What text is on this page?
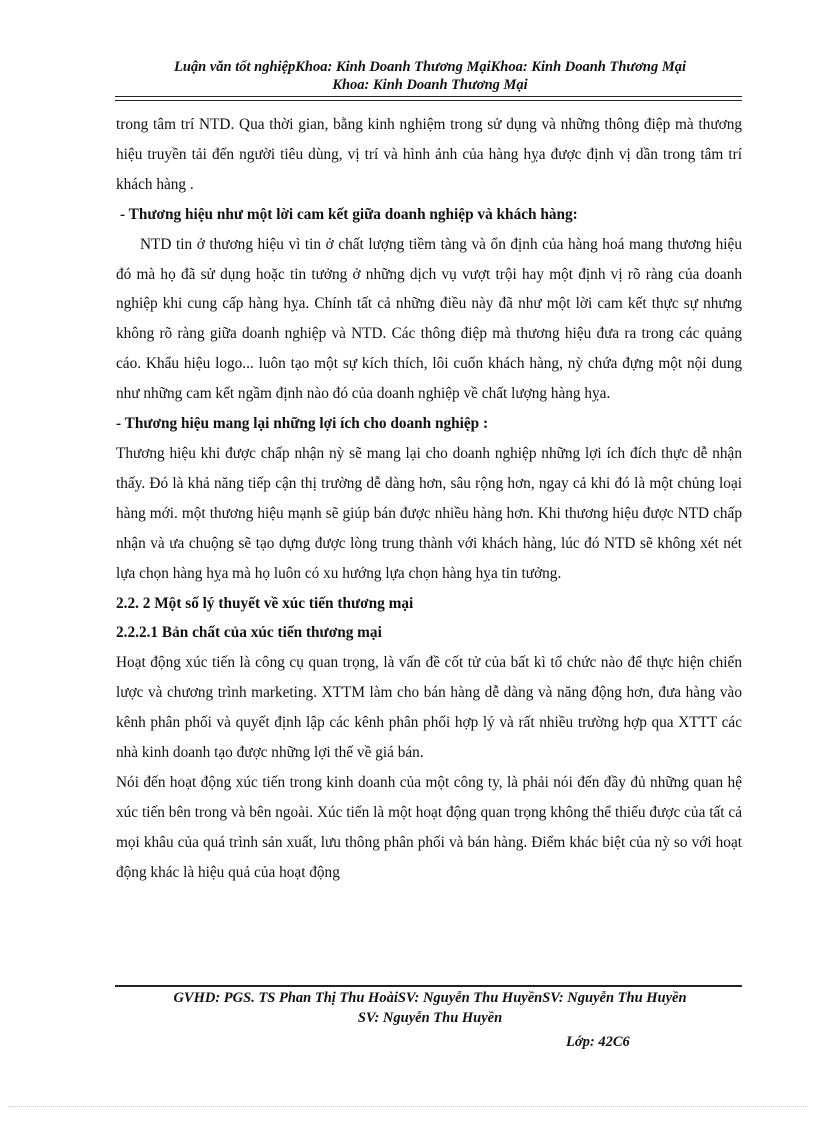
Luận văn tốt nghiệpKhoa: Kinh Doanh Thương MạiKhoa: Kinh Doanh Thương Mại
Khoa: Kinh Doanh Thương Mại

trong tâm trí NTD. Qua thời gian, bằng kinh nghiệm trong sử dụng và những thông điệp mà thương hiệu truyền tải đến người tiêu dùng, vị trí và hình ảnh của hàng hỵa được định vị dần trong tâm trí khách hàng .

- Thương hiệu như một lời cam kết giữa doanh nghiệp và khách hàng:

NTD tin ở thương hiệu vì tin ở chất lượng tiềm tàng và ổn định của hàng hoá mang thương hiệu đó mà họ đã sử dụng hoặc tin tưởng ở những dịch vụ vượt trội hay một định vị rõ ràng của doanh nghiệp khi cung cấp hàng hỵa. Chính tất cả những điều này đã như một lời cam kết thực sự nhưng không rõ ràng giữa doanh nghiệp và NTD. Các thông điệp mà thương hiệu đưa ra trong các quảng cáo. Khẩu hiệu logo... luôn tạo một sự kích thích, lôi cuốn khách hàng, nỳ chứa đựng một nội dung như những cam kết ngầm định nào đó của doanh nghiệp về chất lượng hàng hỵa.

- Thương hiệu mang lại những lợi ích cho doanh nghiệp :

Thương hiệu khi được chấp nhận nỳ sẽ mang lại cho doanh nghiệp những lợi ích đích thực dễ nhận thấy. Đó là khả năng tiếp cận thị trường dễ dàng hơn, sâu rộng hơn, ngay cả khi đó là một chủng loại hàng mới. một thương hiệu mạnh sẽ giúp bán được nhiều hàng hơn. Khi thương hiệu được NTD chấp nhận và ưa chuộng sẽ tạo dựng được lòng trung thành với khách hàng, lúc đó NTD sẽ không xét nét lựa chọn hàng hỵa mà họ luôn có xu hướng lựa chọn hàng hỵa tin tưởng.

2.2. 2 Một số lý thuyết về xúc tiến thương mại

2.2.2.1 Bản chất của xúc tiến thương mại

Hoạt động xúc tiến là công cụ quan trọng, là vấn đề cốt tử của bất kì tổ chức nào để thực hiện chiến lược và chương trình marketing. XTTM làm cho bán hàng dễ dàng và năng động hơn, đưa hàng vào kênh phân phối và quyết định lập các kênh phân phối hợp lý và rất nhiều trường hợp qua XTTT các nhà kinh doanh tạo được những lợi thế về giá bán.

Nói đến hoạt động xúc tiến trong kinh doanh của một công ty, là phải nói đến đầy đủ những quan hệ xúc tiến bên trong và bên ngoài. Xúc tiến là một hoạt động quan trọng không thể thiếu được của tất cả mọi khâu của quá trình sản xuất, lưu thông phân phối và bán hàng. Điểm khác biệt của nỳ so với hoạt động khác là hiệu quả của hoạt động

GVHD: PGS. TS Phan Thị Thu HoàiSV: Nguyễn Thu HuyềnSV: Nguyễn Thu Huyền
SV: Nguyễn Thu Huyền
Lớp: 42C6
